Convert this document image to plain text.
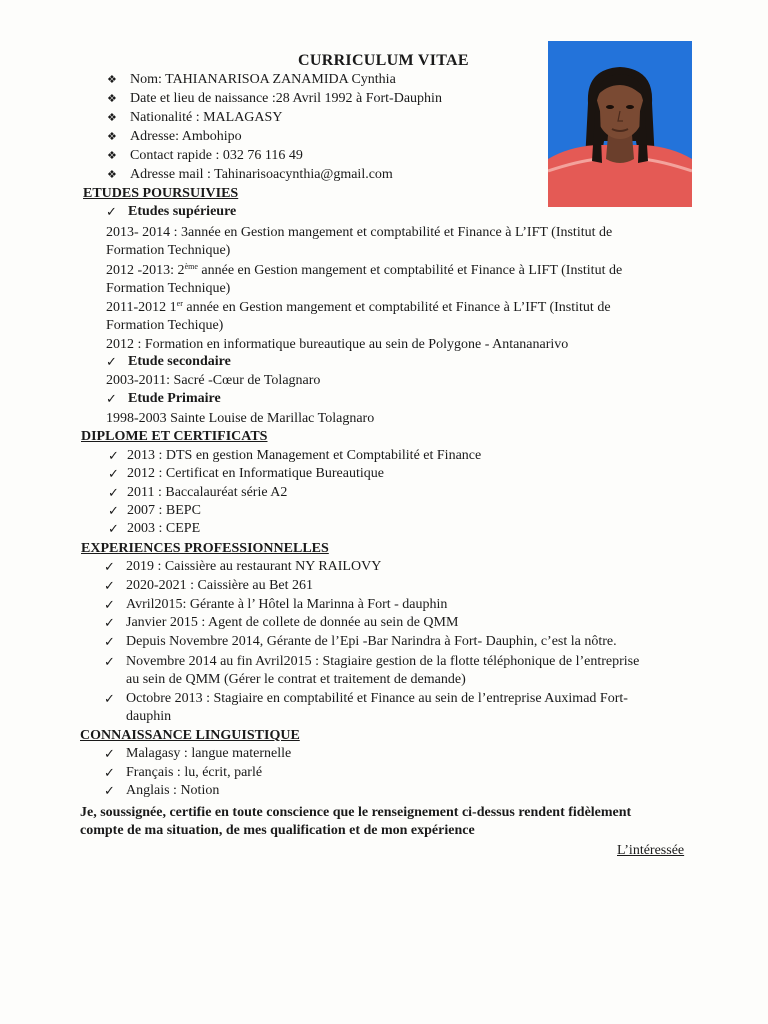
CURRICULUM VITAE
❖ Nom: TAHIANARISOA ZANAMIDA Cynthia
❖ Date et lieu de naissance :28 Avril 1992 à Fort-Dauphin
❖ Nationalité : MALAGASY
❖ Adresse: Ambohipo
❖ Contact rapide : 032 76 116 49
❖ Adresse mail : Tahinarisoacynthia@gmail.com
ETUDES POURSUIVIES
✓ Etudes supérieure
2013- 2014 : 3année en Gestion mangement et comptabilité et Finance à L’IFT (Institut de
Formation Technique)
2012 -2013: 2ème année en Gestion mangement et comptabilité et Finance à LIFT (Institut de
Formation Technique)
2011-2012 1er année en Gestion mangement et comptabilité et Finance à L’IFT (Institut de
Formation Techique)
2012 : Formation en informatique bureautique au sein de Polygone - Antananarivo
✓ Etude secondaire
2003-2011: Sacré -Cœur de Tolagnaro
✓ Etude Primaire
1998-2003 Sainte Louise de Marillac Tolagnaro
DIPLOME ET CERTIFICATS
✓ 2013 : DTS en gestion Management et Comptabilité et Finance
✓ 2012 : Certificat en Informatique Bureautique
✓ 2011 : Baccalauréat série A2
✓ 2007 : BEPC
✓ 2003 : CEPE
EXPERIENCES PROFESSIONNELLES
✓ 2019 : Caissière au restaurant NY RAILOVY
✓ 2020-2021 : Caissière au Bet 261
✓ Avril2015: Gérante à l’ Hôtel la Marinna à Fort - dauphin
✓ Janvier 2015 : Agent de collete de donnée au sein de QMM
✓ Depuis Novembre 2014, Gérante de l’Epi -Bar Narindra à Fort- Dauphin, c’est la nôtre.
✓ Novembre 2014 au fin Avril2015 : Stagiaire gestion de la flotte téléphonique de l’entreprise
au sein de QMM (Gérer le contrat et traitement de demande)
✓ Octobre 2013 : Stagiaire en comptabilité et Finance au sein de l’entreprise Auximad Fort-
dauphin
CONNAISSANCE LINGUISTIQUE
✓ Malagasy : langue maternelle
✓ Français : lu, écrit, parlé
✓ Anglais : Notion
Je, soussignée, certifie en toute conscience que le renseignement ci-dessus rendent fidèlement
compte de ma situation, de mes qualification et de mon expérience
L’intéressée
